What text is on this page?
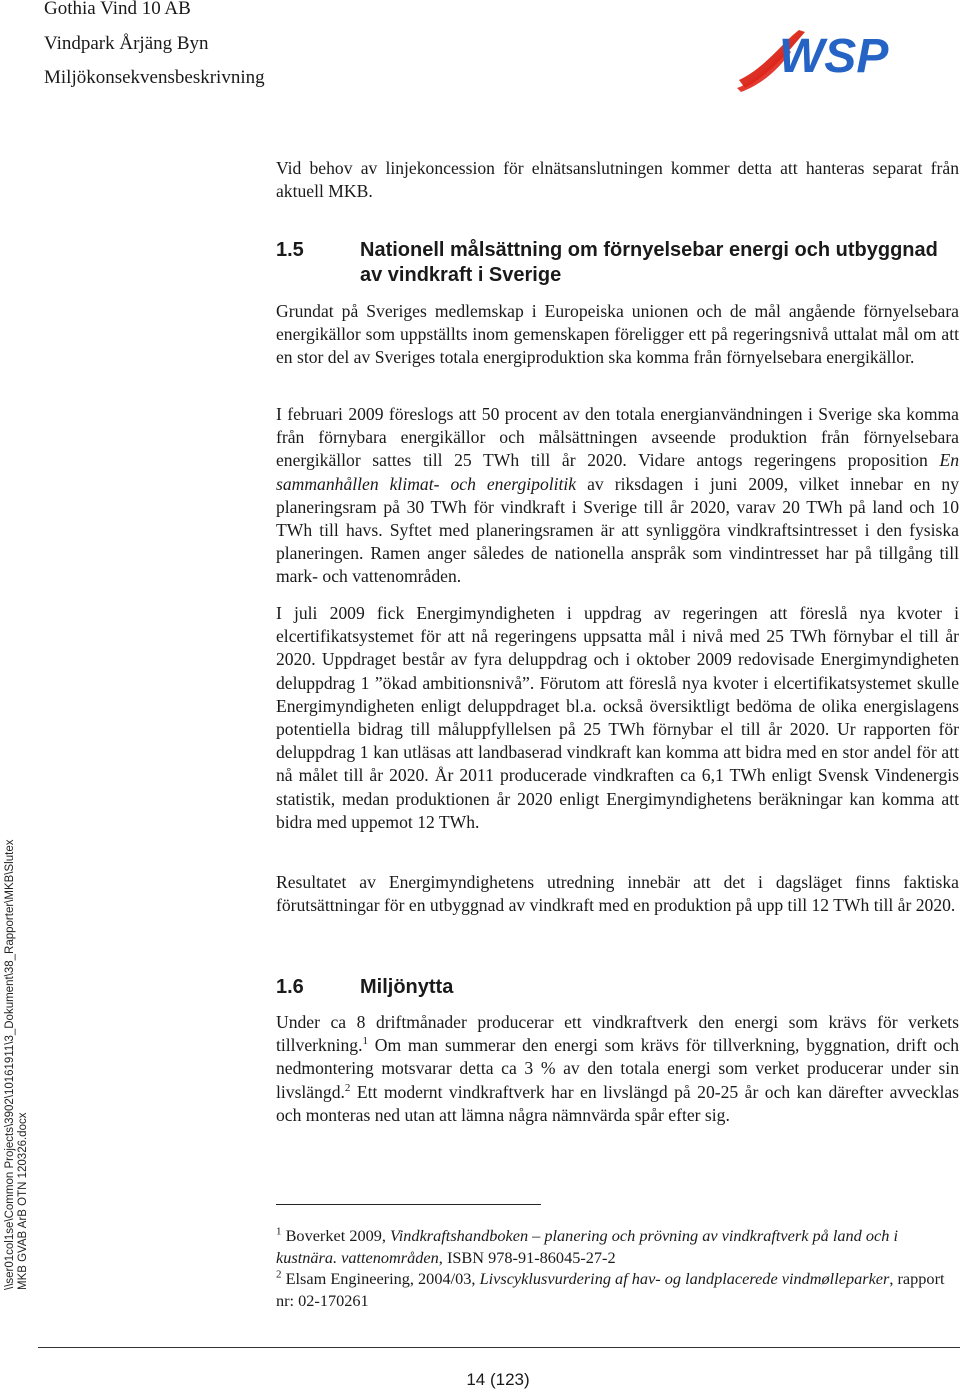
Gothia Vind 10 AB
Vindpark Årjäng Byn
Miljökonsekvensbeskrivning	WSP
\\ser01col1se\Common Projects\3902\10161911\3_Dokument\38_Rapporter\MKB\Slutex MKB GVAB ArB OTN 120326.docx

Vid behov av linjekoncession för elnätsanslutningen kommer detta att hanteras separat från aktuell MKB.

1.5	Nationell målsättning om förnyelsebar energi och utbyggnad av vindkraft i Sverige

Grundat på Sveriges medlemskap i Europeiska unionen och de mål angående förnyelsebara energikällor som uppställts inom gemenskapen föreligger ett på regeringsnivå uttalat mål om att en stor del av Sveriges totala energiproduktion ska komma från förnyelsebara energikällor.

I februari 2009 föreslogs att 50 procent av den totala energianvändningen i Sverige ska komma från förnybara energikällor och målsättningen avseende produktion från förnyelsebara energikällor sattes till 25 TWh till år 2020. Vidare antogs regeringens proposition En sammanhållen klimat- och energipolitik av riksdagen i juni 2009, vilket innebar en ny planeringsram på 30 TWh för vindkraft i Sverige till år 2020, varav 20 TWh på land och 10 TWh till havs. Syftet med planeringsramen är att synliggöra vindkraftsintresset i den fysiska planeringen. Ramen anger således de nationella anspråk som vindintresset har på tillgång till mark- och vattenområden.

I juli 2009 fick Energimyndigheten i uppdrag av regeringen att föreslå nya kvoter i elcertifikatsystemet för att nå regeringens uppsatta mål i nivå med 25 TWh förnybar el till år 2020. Uppdraget består av fyra deluppdrag och i oktober 2009 redovisade Energimyndigheten deluppdrag 1 ”ökad ambitionsnivå”. Förutom att föreslå nya kvoter i elcertifikatsystemet skulle Energimyndigheten enligt deluppdraget bl.a. också översiktligt bedöma de olika energislagens potentiella bidrag till måluppfyllelsen på 25 TWh förnybar el till år 2020. Ur rapporten för deluppdrag 1 kan utläsas att landbaserad vindkraft kan komma att bidra med en stor andel för att nå målet till år 2020. År 2011 producerade vindkraften ca 6,1 TWh enligt Svensk Vindenergis statistik, medan produktionen år 2020 enligt Energimyndighetens beräkningar kan komma att bidra med uppemot 12 TWh.

Resultatet av Energimyndighetens utredning innebär att det i dagsläget finns faktiska förutsättningar för en utbyggnad av vindkraft med en produktion på upp till 12 TWh till år 2020.

1.6	Miljönytta

Under ca 8 driftmånader producerar ett vindkraftverk den energi som krävs för verkets tillverkning.$^1$ Om man summerar den energi som krävs för tillverkning, byggnation, drift och nedmontering motsvarar detta ca 3 % av den totala energi som verket producerar under sin livslängd.$^2$ Ett modernt vindkraftverk har en livslängd på 20-25 år och kan därefter avvecklas och monteras ned utan att lämna några nämnvärda spår efter sig.

$^1$ Boverket 2009, Vindkraftshandboken – planering och prövning av vindkraftverk på land och i kustnära. vattenområden, ISBN 978-91-86045-27-2

$^2$ Elsam Engineering, 2004/03, Livscyklusvurdering af hav- og landplacerede vindmølleparker, rapport nr: 02-170261

14 (123)
